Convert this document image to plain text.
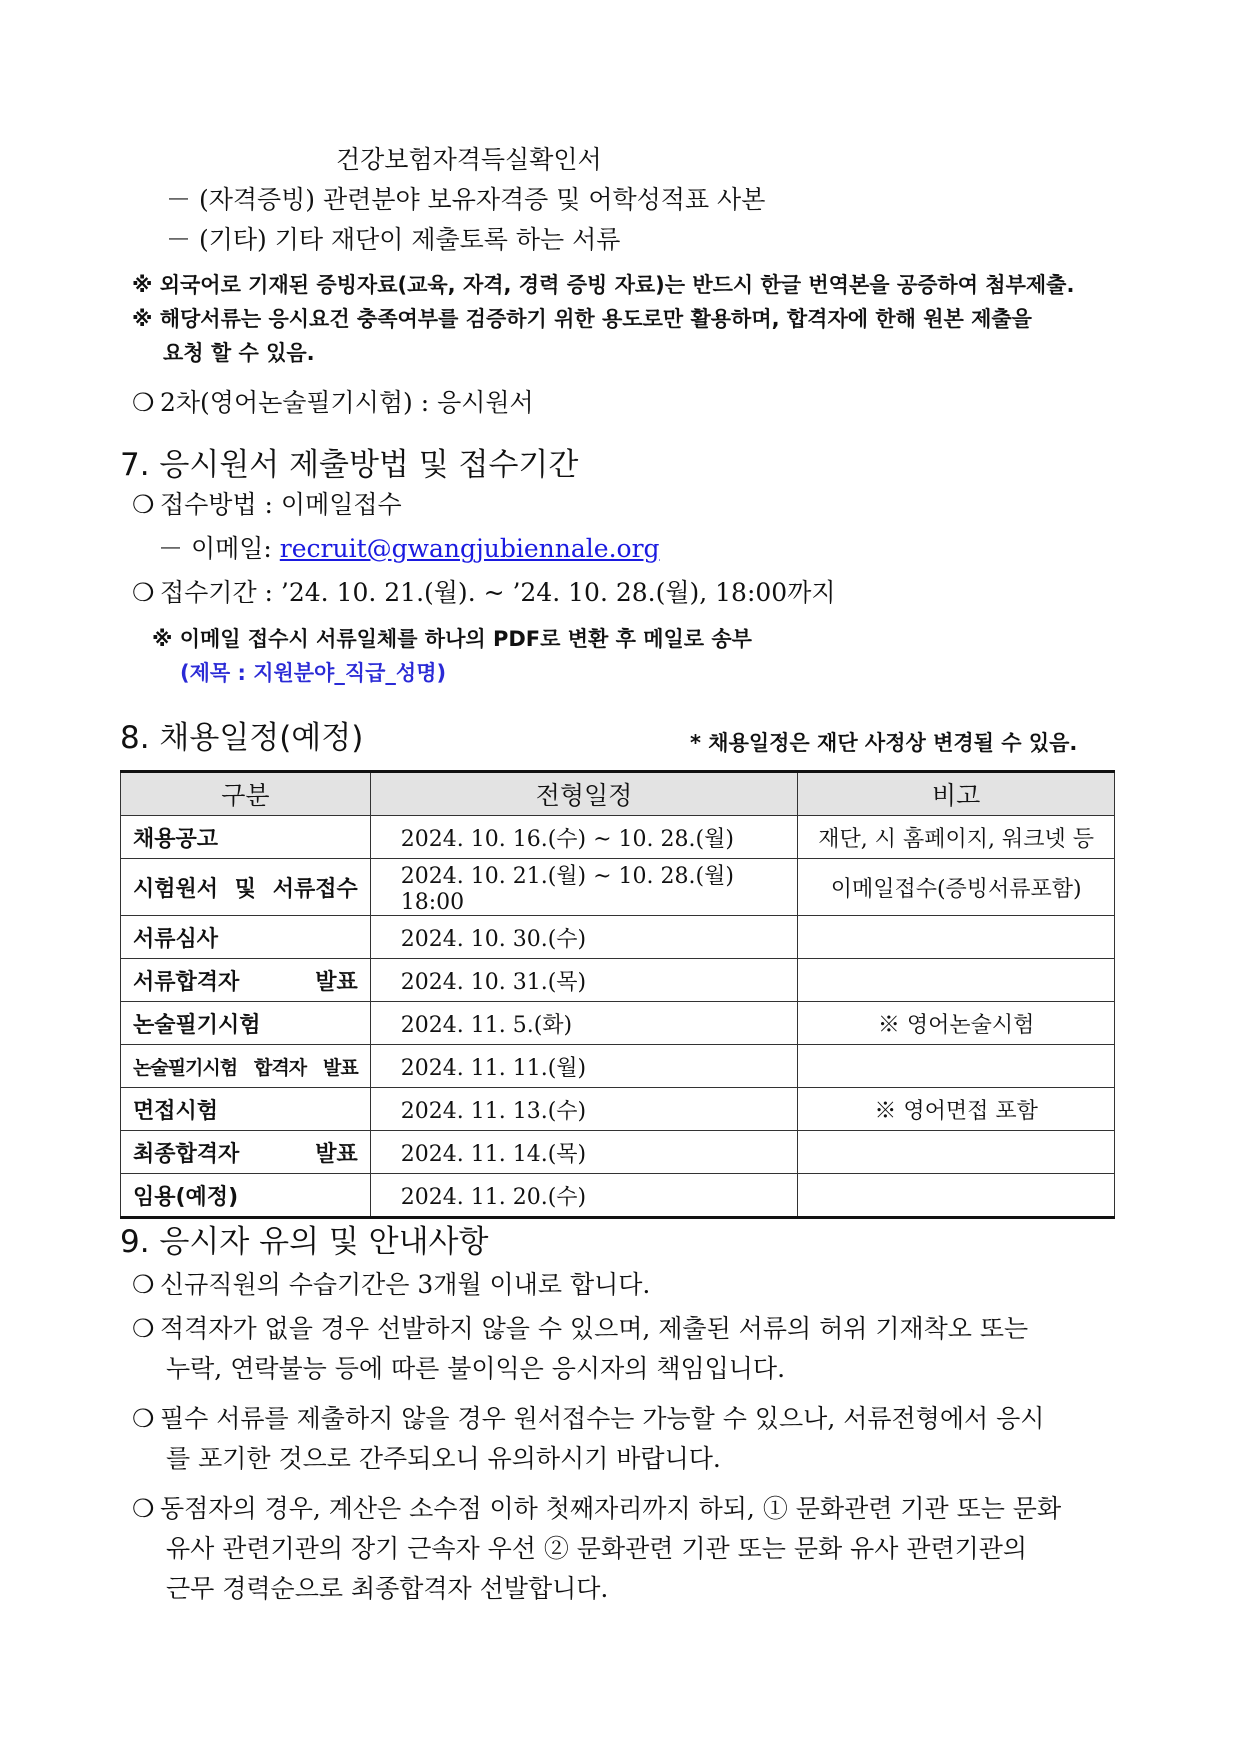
건강보험자격득실확인서
－ (자격증빙) 관련분야 보유자격증 및 어학성적표 사본
－ (기타) 기타 재단이 제출토록 하는 서류
※ 외국어로 기재된 증빙자료(교육, 자격, 경력 증빙 자료)는 반드시 한글 번역본을 공증하여 첨부제출.
※ 해당서류는 응시요건 충족여부를 검증하기 위한 용도로만 활용하며, 합격자에 한해 원본 제출을
요청 할 수 있음.
❍ 2차(영어논술필기시험) : 응시원서
7. 응시원서 제출방법 및 접수기간
❍ 접수방법 : 이메일접수
－ 이메일: recruit@gwangjubiennale.org
❍ 접수기간 : ’24. 10. 21.(월). ~ ’24. 10. 28.(월), 18:00까지
※ 이메일 접수시 서류일체를 하나의 PDF로 변환 후 메일로 송부
(제목 : 지원분야_직급_성명)
8. 채용일정(예정)	* 채용일정은 재단 사정상 변경될 수 있음.
구분	전형일정	비고
채용공고	2024. 10. 16.(수) ~ 10. 28.(월)	재단, 시 홈페이지, 워크넷 등
시험원서 및 서류접수	2024. 10. 21.(월) ~ 10. 28.(월) 18:00	이메일접수(증빙서류포함)
서류심사	2024. 10. 30.(수)	
서류합격자 발표	2024. 10. 31.(목)	
논술필기시험	2024. 11. 5.(화)	※ 영어논술시험
논술필기시험 합격자 발표	2024. 11. 11.(월)	
면접시험	2024. 11. 13.(수)	※ 영어면접 포함
최종합격자 발표	2024. 11. 14.(목)	
임용(예정)	2024. 11. 20.(수)	
9. 응시자 유의 및 안내사항
❍ 신규직원의 수습기간은 3개월 이내로 합니다.
❍ 적격자가 없을 경우 선발하지 않을 수 있으며, 제출된 서류의 허위 기재착오 또는
누락, 연락불능 등에 따른 불이익은 응시자의 책임입니다.
❍ 필수 서류를 제출하지 않을 경우 원서접수는 가능할 수 있으나, 서류전형에서 응시
를 포기한 것으로 간주되오니 유의하시기 바랍니다.
❍ 동점자의 경우, 계산은 소수점 이하 첫째자리까지 하되, ① 문화관련 기관 또는 문화
유사 관련기관의 장기 근속자 우선 ② 문화관련 기관 또는 문화 유사 관련기관의
근무 경력순으로 최종합격자 선발합니다.
